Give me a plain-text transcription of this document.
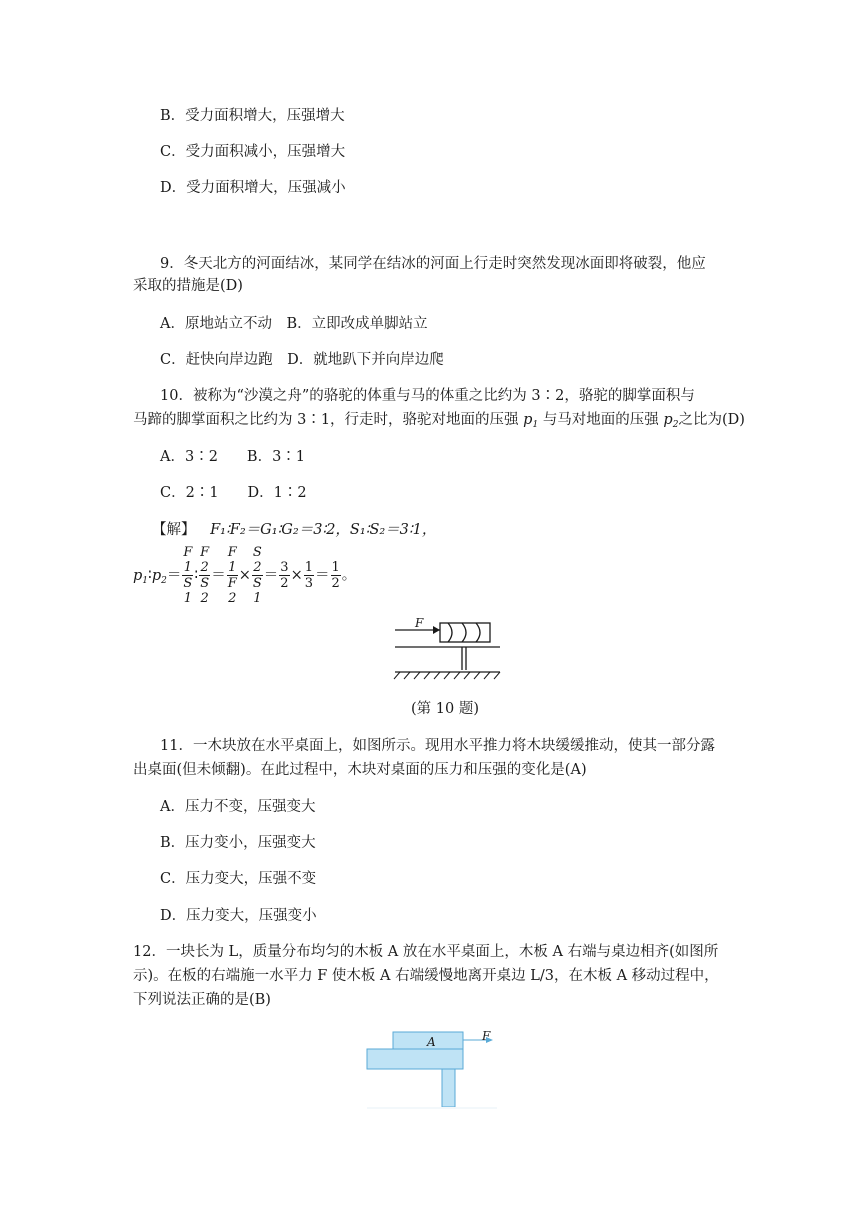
B．受力面积增大，压强增大
C．受力面积减小，压强增大
D．受力面积增大，压强减小
9．冬天北方的河面结冰，某同学在结冰的河面上行走时突然发现冰面即将破裂，他应
采取的措施是(D)
A．原地站立不动　B．立即改成单脚站立
C．赶快向岸边跑　D．就地趴下并向岸边爬
10．被称为“沙漠之舟”的骆驼的体重与马的体重之比约为 3∶2，骆驼的脚掌面积与
马蹄的脚掌面积之比约为 3∶1，行走时，骆驼对地面的压强 $p_1$ 与马对地面的压强 $p_2$之比为(D)
A．3∶2　　B．3∶1
C．2∶1　　D．1∶2
【解】 F₁∶F₂＝G₁∶G₂＝3∶2，S₁∶S₂＝3∶1，
$p_1∶p_2= F$
1
S
1 ∶ F
2
S
2 ＝ F
1
F
2 × S
2
S
$1 = \frac{3}{2} \times \frac{1}{3} = \frac{1}{2}$ 。
F
(第 10 题)
11．一木块放在水平桌面上，如图所示。现用水平推力将木块缓缓推动，使其一部分露
出桌面(但未倾翻)。在此过程中，木块对桌面的压力和压强的变化是(A)
A．压力不变，压强变大
B．压力变小，压强变大
C．压力变大，压强不变
D．压力变大，压强变小
12．一块长为 L，质量分布均匀的木板 A 放在水平桌面上，木板 A 右端与桌边相齐(如图所
示)。在板的右端施一水平力 F 使木板 A 右端缓慢地离开桌边 L/3，在木板 A 移动过程中，
下列说法正确的是(B)
A	F
